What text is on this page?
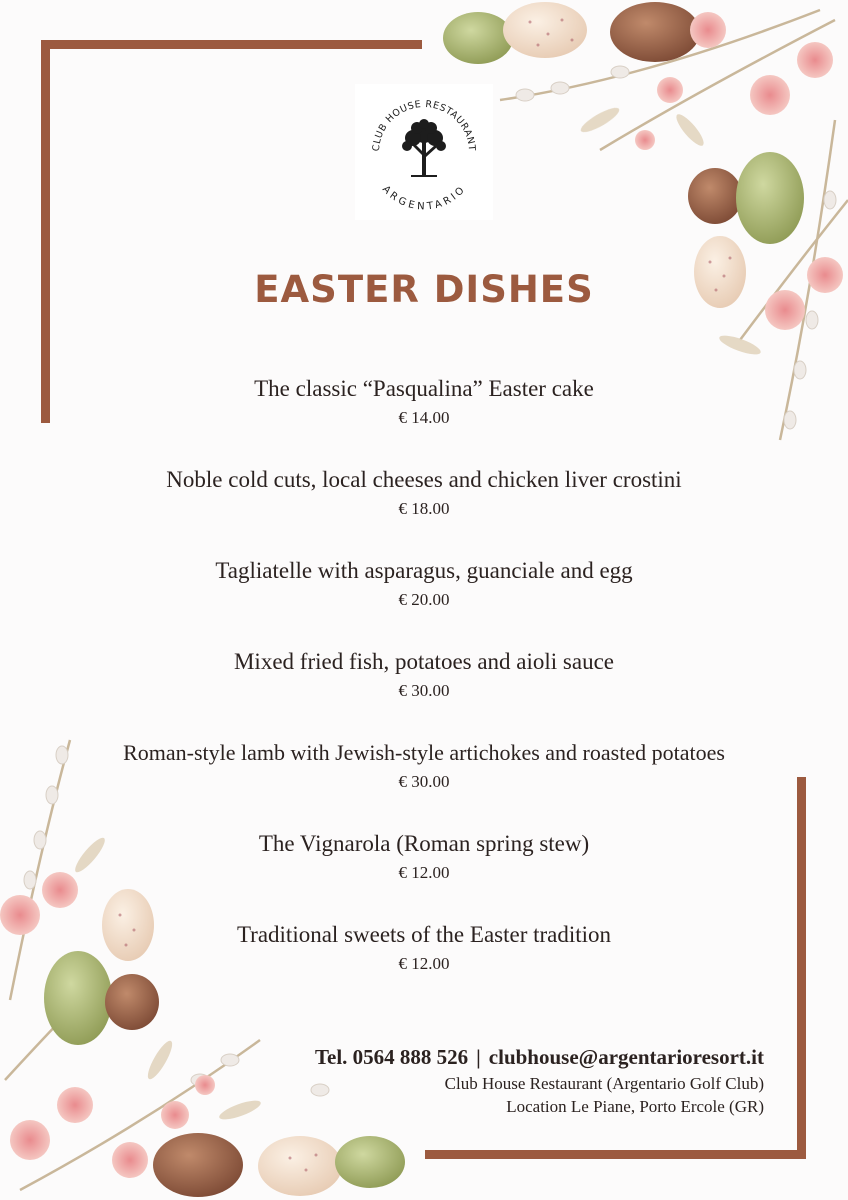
CLUB HOUSE RESTAURANT
ARGENTARIO
EASTER DISHES
The classic “Pasqualina” Easter cake
€ 14.00
Noble cold cuts, local cheeses and chicken liver crostini
€ 18.00
Tagliatelle with asparagus, guanciale and egg
€ 20.00
Mixed fried fish, potatoes and aioli sauce
€ 30.00
Roman-style lamb with Jewish-style artichokes and roasted potatoes
€ 30.00
The Vignarola (Roman spring stew)
€ 12.00
Traditional sweets of the Easter tradition
€ 12.00
Tel. 0564 888 526 | clubhouse@argentarioresort.it
Club House Restaurant (Argentario Golf Club)
Location Le Piane, Porto Ercole (GR)
